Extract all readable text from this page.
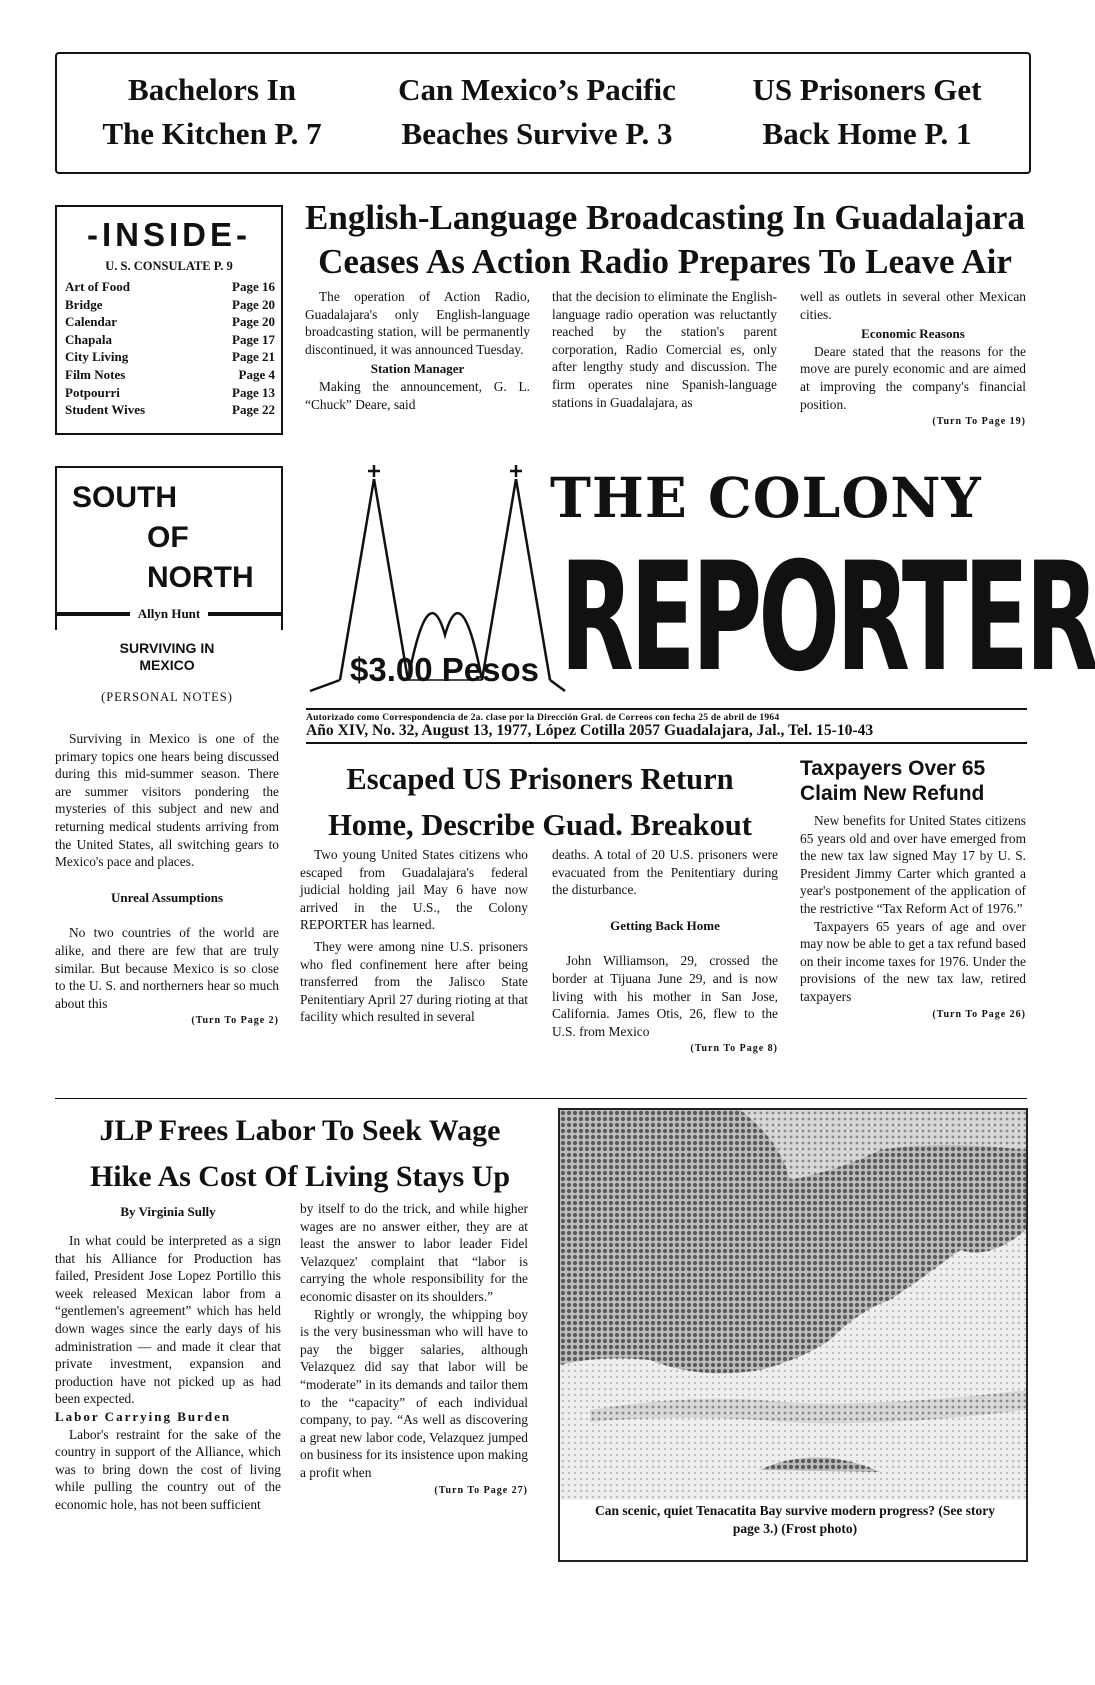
Bachelors In
The Kitchen P. 7
Can Mexico’s Pacific
Beaches Survive P. 3
US Prisoners Get
Back Home P. 1
-INSIDE-
U. S. CONSULATE P. 9
Art of Food	Page 16
Bridge	Page 20
Calendar	Page 20
Chapala	Page 17
City Living	Page 21
Film Notes	Page 4
Potpourri	Page 13
Student Wives	Page 22
English-Language Broadcasting In Guadalajara
Ceases As Action Radio Prepares To Leave Air

The operation of Action Radio, Guadalajara's only English-language broadcasting station, will be permanently discontinued, it was announced Tuesday.

Station Manager

Making the announcement, G. L. “Chuck” Deare, said

that the decision to eliminate the English-language radio operation was reluctantly reached by the station's parent corporation, Radio Comercial es, only after lengthy study and discussion. The firm operates nine Spanish-language stations in Guadalajara, as

well as outlets in several other Mexican cities.

Economic Reasons

Deare stated that the reasons for the move are purely economic and are aimed at improving the company's financial position.

(Turn To Page 19)
SOUTH
OF
NORTH
Allyn Hunt
SURVIVING IN MEXICO
(PERSONAL NOTES)

Surviving in Mexico is one of the primary topics one hears being discussed during this mid-summer season. There are summer visitors pondering the mysteries of this subject and new and returning medical students arriving from the United States, all switching gears to Mexico's pace and places.

Unreal Assumptions

No two countries of the world are alike, and there are few that are truly similar. But because Mexico is so close to the U. S. and northerners hear so much about this

(Turn To Page 2)
$3.00 Pesos
THE COLONY
REPORTER
Autorizado como Correspondencia de 2a. clase por la Dirección Gral. de Correos con fecha 25 de abril de 1964
Año XIV, No. 32, August 13, 1977, López Cotilla 2057 Guadalajara, Jal., Tel. 15-10-43
Escaped US Prisoners Return
Home, Describe Guad. Breakout

Two young United States citizens who escaped from Guadalajara's federal judicial holding jail May 6 have now arrived in the U.S., the Colony REPORTER has learned.

They were among nine U.S. prisoners who fled confinement here after being transferred from the Jalisco State Penitentiary April 27 during rioting at that facility which resulted in several

deaths. A total of 20 U.S. prisoners were evacuated from the Penitentiary during the disturbance.

Getting Back Home

John Williamson, 29, crossed the border at Tijuana June 29, and is now living with his mother in San Jose, California. James Otis, 26, flew to the U.S. from Mexico

(Turn To Page 8)
Taxpayers Over 65
Claim New Refund

New benefits for United States citizens 65 years old and over have emerged from the new tax law signed May 17 by U. S. President Jimmy Carter which granted a year's postponement of the application of the restrictive “Tax Reform Act of 1976.”

Taxpayers 65 years of age and over may now be able to get a tax refund based on their income taxes for 1976. Under the provisions of the new tax law, retired taxpayers

(Turn To Page 26)
JLP Frees Labor To Seek Wage
Hike As Cost Of Living Stays Up
By Virginia Sully

In what could be interpreted as a sign that his Alliance for Production has failed, President Jose Lopez Portillo this week released Mexican labor from a “gentlemen's agreement” which has held down wages since the early days of his administration — and made it clear that private investment, expansion and production have not picked up as had been expected.

Labor Carrying Burden

Labor's restraint for the sake of the country in support of the Alliance, which was to bring down the cost of living while pulling the country out of the economic hole, has not been sufficient

by itself to do the trick, and while higher wages are no answer either, they are at least the answer to labor leader Fidel Velazquez' complaint that “labor is carrying the whole responsibility for the economic disaster on its shoulders.”

Rightly or wrongly, the whipping boy is the very businessman who will have to pay the bigger salaries, although Velazquez did say that labor will be “moderate” in its demands and tailor them to the “capacity” of each individual company, to pay. “As well as discovering a great new labor code, Velazquez jumped on business for its insistence upon making a profit when

(Turn To Page 27)
Can scenic, quiet Tenacatita Bay survive modern progress? (See story page 3.) (Frost photo)
